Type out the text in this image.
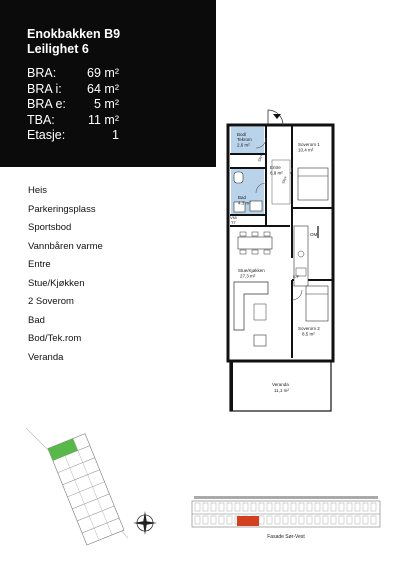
Enokbakken B9
Leilighet 6
BRA: 69 m²
BRA i: 64 m²
BRA e: 5 m²
TBA:	11 m²
Etasje:	1
Heis
Parkeringsplass
Sportsbod
Vannbåren varme
Entre
Stue/Kjøkken
2 Soverom
Bad
Bod/Tek.rom
Veranda
Bod/
Tekrom
2,6 m²	Soverom 1
10,4 m²
Entre
6,8 m²
Bad
4,3 m²
VM/
TT
OM
K/F
Stue/Kjøkken
27,3 m²
Soverom 2
8,5 m²
Veranda
11,1 m²
Skyv
Skyv
Fasade Sør-Vest
